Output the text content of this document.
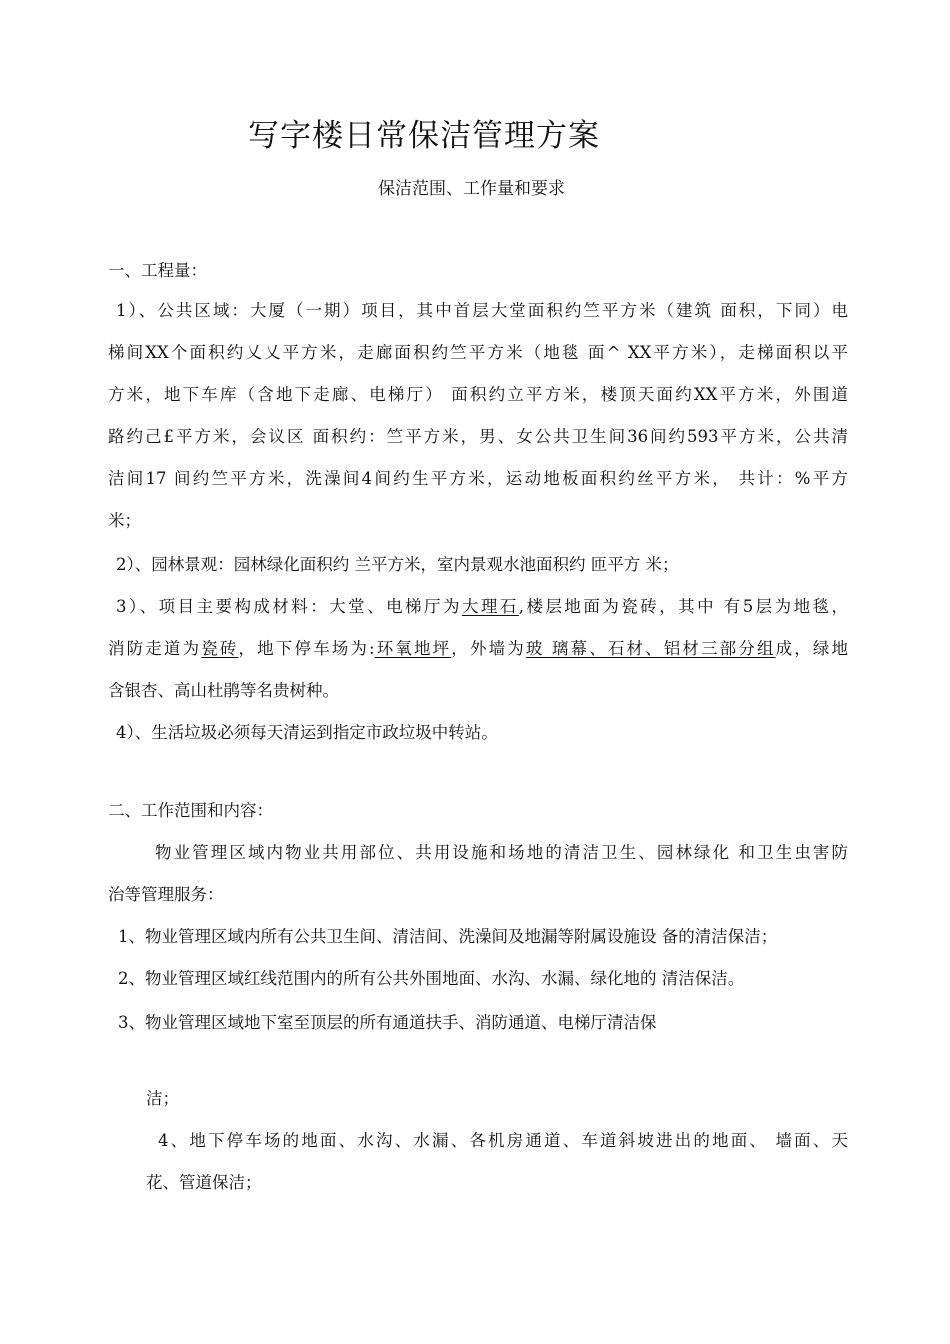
写字楼日常保洁管理方案
保洁范围、工作量和要求
一、工程量：
1）、公共区域：大厦（一期）项目，其中首层大堂面积约竺平方米（建筑 面积，下同）电
梯间XX个面积约乂乂平方米，走廊面积约竺平方米（地毯 面^ XX平方米），走梯面积以平
方米，地下车库（含地下走廊、电梯厅） 面积约立平方米，楼顶天面约XX平方米，外围道
路约己£平方米，会议区 面积约：竺平方米，男、女公共卫生间36间约593平方米，公共清
洁间17 间约竺平方米，洗澡间4间约生平方米，运动地板面积约丝平方米， 共计：%平方
米；
2）、园林景观：园林绿化面积约 兰平方米，室内景观水池面积约 匝平方 米；
3）、项目主要构成材料：大堂、电梯厅为大理石,楼层地面为瓷砖，其中 有5层为地毯，
消防走道为瓷砖，地下停车场为:环氧地坪，外墙为玻 璃幕、石材、铝材三部分组成，绿地
含银杏、高山杜鹃等名贵树种。
4）、生活垃圾必须每天清运到指定市政垃圾中转站。
二、工作范围和内容：
物业管理区域内物业共用部位、共用设施和场地的清洁卫生、园林绿化 和卫生虫害防
治等管理服务：
1、物业管理区域内所有公共卫生间、清洁间、洗澡间及地漏等附属设施设 备的清洁保洁；
2、物业管理区域红线范围内的所有公共外围地面、水沟、水漏、绿化地的 清洁保洁。
3、物业管理区域地下室至顶层的所有通道扶手、消防通道、电梯厅清洁保
洁；
4、地下停车场的地面、水沟、水漏、各机房通道、车道斜坡进出的地面、 墙面、天
花、管道保洁；
